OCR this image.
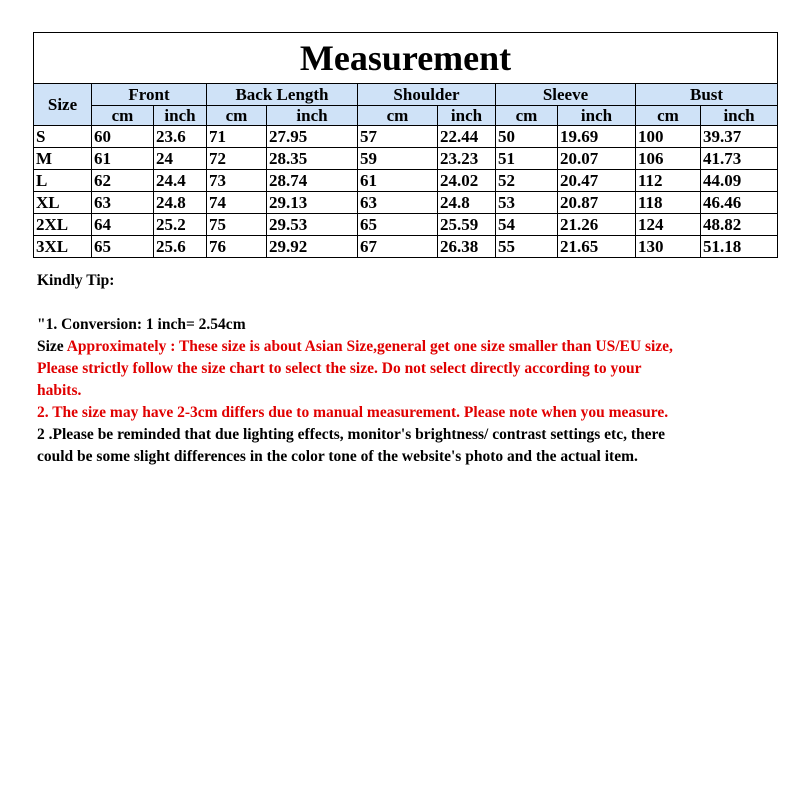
Measurement										
Size	Front		Back Length		Shoulder		Sleeve		Bust	
	cm	inch	cm	inch	cm	inch	cm	inch	cm	inch
S	60	23.6	71	27.95	57	22.44	50	19.69	100	39.37
M	61	24	72	28.35	59	23.23	51	20.07	106	41.73
L	62	24.4	73	28.74	61	24.02	52	20.47	112	44.09
XL	63	24.8	74	29.13	63	24.8	53	20.87	118	46.46
2XL	64	25.2	75	29.53	65	25.59	54	21.26	124	48.82
3XL	65	25.6	76	29.92	67	26.38	55	21.65	130	51.18

Kindly Tip:

"1. Conversion: 1 inch= 2.54cm

Size Approximately : These size is about Asian Size,general get one size smaller than US/EU size,

Please strictly follow the size chart to select the size. Do not select directly according to your

habits.

2. The size may have 2-3cm differs due to manual measurement. Please note when you measure.

2 .Please be reminded that due lighting effects, monitor's brightness/ contrast settings etc, there

could be some slight differences in the color tone of the website's photo and the actual item.
